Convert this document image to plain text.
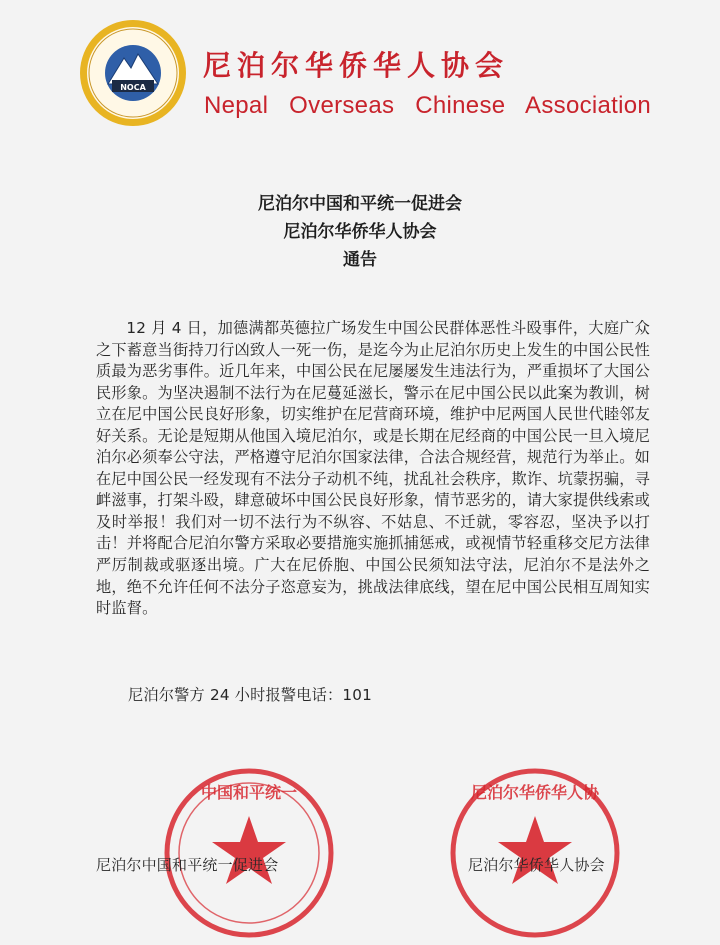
NOCA
尼泊尔华侨华人协会
Nepal Overseas Chinese Association
尼泊尔中国和平统一促进会
尼泊尔华侨华人协会
通告

12 月 4 日，加德满都英德拉广场发生中国公民群体恶性斗殴事件，大庭广众之下蓄意当街持刀行凶致人一死一伤，是迄今为止尼泊尔历史上发生的中国公民性质最为恶劣事件。近几年来，中国公民在尼屡屡发生违法行为，严重损坏了大国公民形象。为坚决遏制不法行为在尼蔓延滋长，警示在尼中国公民以此案为教训，树立在尼中国公民良好形象，切实维护在尼营商环境，维护中尼两国人民世代睦邻友好关系。无论是短期从他国入境尼泊尔，或是长期在尼经商的中国公民一旦入境尼泊尔必须奉公守法，严格遵守尼泊尔国家法律，合法合规经营，规范行为举止。如在尼中国公民一经发现有不法分子动机不纯，扰乱社会秩序，欺诈、坑蒙拐骗，寻衅滋事，打架斗殴，肆意破坏中国公民良好形象，情节恶劣的，请大家提供线索或及时举报！我们对一切不法行为不纵容、不姑息、不迁就，零容忍，坚决予以打击！并将配合尼泊尔警方采取必要措施实施抓捕惩戒，或视情节轻重移交尼方法律严厉制裁或驱逐出境。广大在尼侨胞、中国公民须知法守法，尼泊尔不是法外之地，绝不允许任何不法分子恣意妄为，挑战法律底线，望在尼中国公民相互周知实时监督。

尼泊尔警方 24 小时报警电话：101
中国和平统一	尼泊尔华侨华人协
尼泊尔中国和平统一促进会	尼泊尔华侨华人协会
